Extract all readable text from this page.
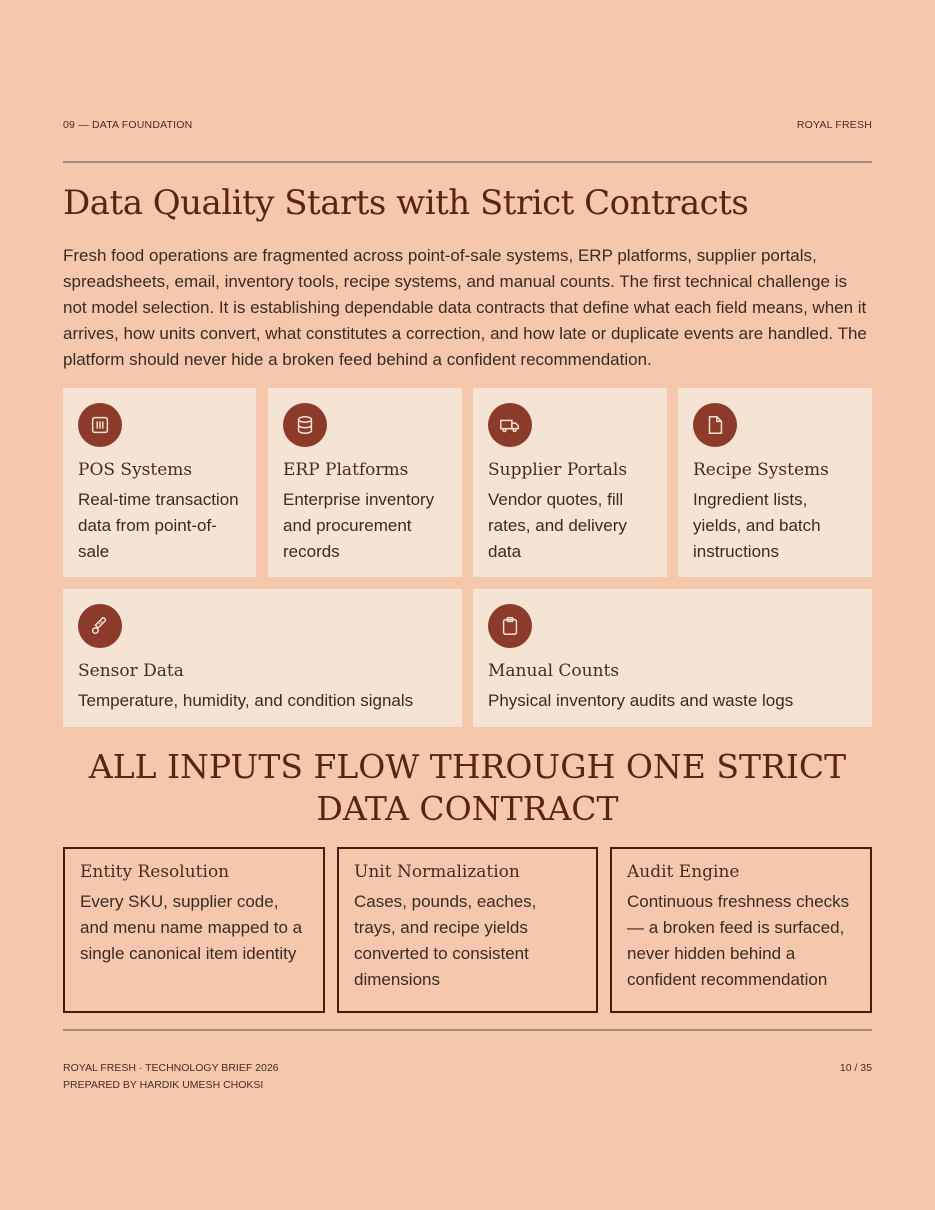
09 — DATA FOUNDATION	ROYAL FRESH
Data Quality Starts with Strict Contracts

Fresh food operations are fragmented across point-of-sale systems, ERP platforms, supplier portals, spreadsheets, email, inventory tools, recipe systems, and manual counts. The first technical challenge is not model selection. It is establishing dependable data contracts that define what each field means, when it arrives, how units convert, what constitutes a correction, and how late or duplicate events are handled. The platform should never hide a broken feed behind a confident recommendation.

POS Systems
Real-time transaction data from point-of-sale
ERP Platforms
Enterprise inventory and procurement records
Supplier Portals
Vendor quotes, fill rates, and delivery data
Recipe Systems
Ingredient lists, yields, and batch instructions
Sensor Data
Temperature, humidity, and condition signals
Manual Counts
Physical inventory audits and waste logs
ALL INPUTS FLOW THROUGH ONE STRICT DATA CONTRACT
Entity Resolution
Every SKU, supplier code, and menu name mapped to a single canonical item identity
Unit Normalization
Cases, pounds, eaches, trays, and recipe yields converted to consistent dimensions
Audit Engine
Continuous freshness checks — a broken feed is surfaced, never hidden behind a confident recommendation
ROYAL FRESH · TECHNOLOGY BRIEF 2026
PREPARED BY HARDIK UMESH CHOKSI
10 / 35
